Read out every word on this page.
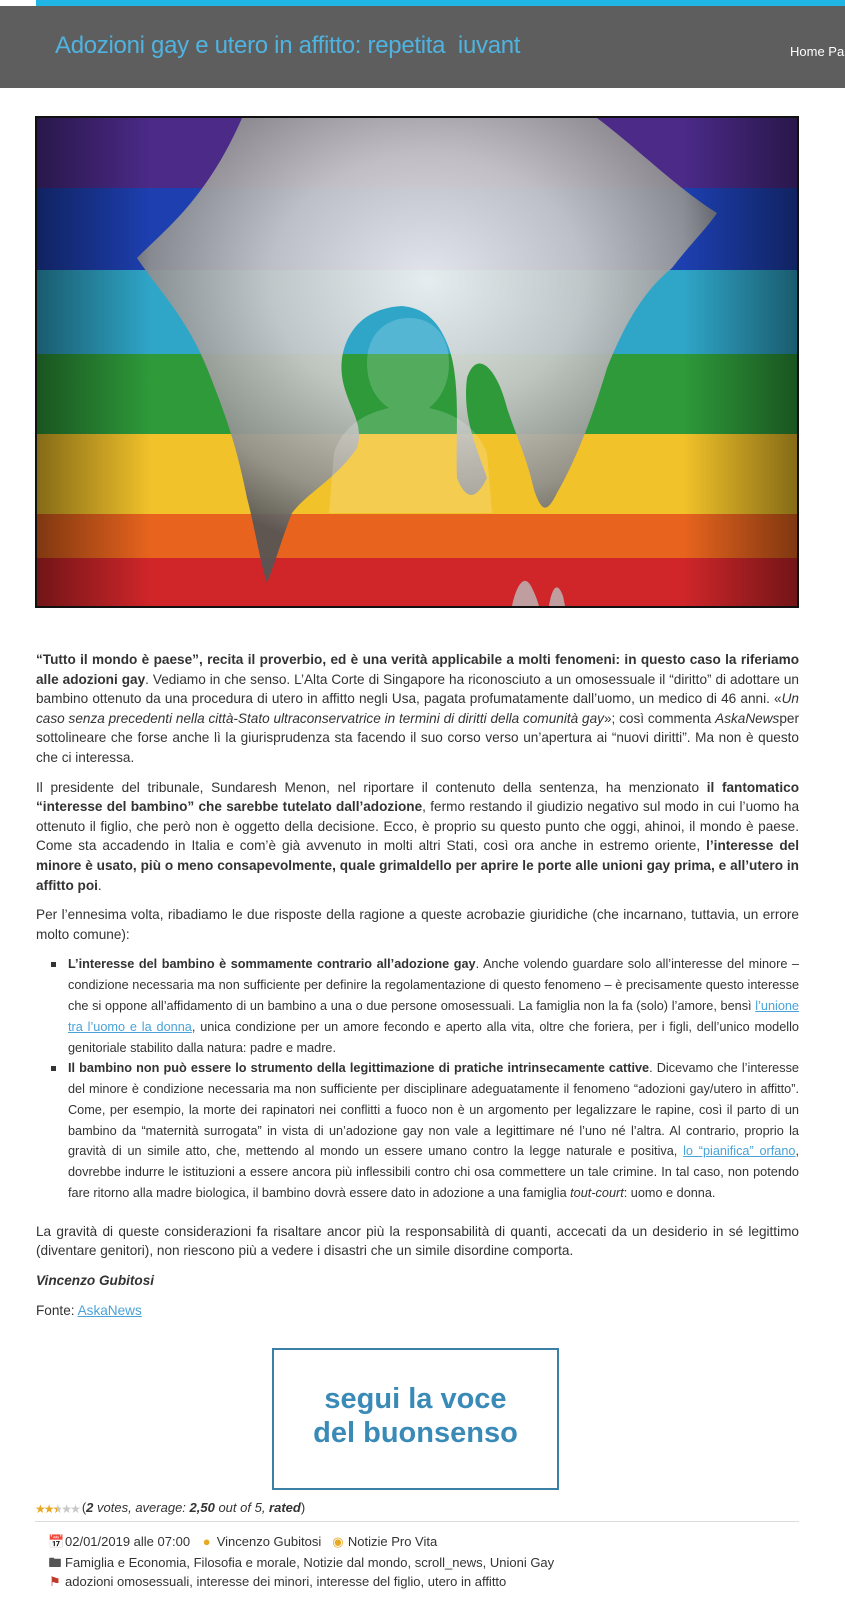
Adozioni gay e utero in affitto: repetita  iuvant	Home Pa

“Tutto il mondo è paese”, recita il proverbio, ed è una verità applicabile a molti fenomeni: in questo caso la riferiamo alle adozioni gay. Vediamo in che senso. L’Alta Corte di Singapore ha riconosciuto a un omosessuale il “diritto” di adottare un bambino ottenuto da una procedura di utero in affitto negli Usa, pagata profumatamente dall’uomo, un medico di 46 anni. «Un caso senza precedenti nella città-Stato ultraconservatrice in termini di diritti della comunità gay»; così commenta AskaNewsper sottolineare che forse anche lì la giurisprudenza sta facendo il suo corso verso un’apertura ai “nuovi diritti”. Ma non è questo che ci interessa.

Il presidente del tribunale, Sundaresh Menon, nel riportare il contenuto della sentenza, ha menzionato il fantomatico “interesse del bambino” che sarebbe tutelato dall’adozione, fermo restando il giudizio negativo sul modo in cui l’uomo ha ottenuto il figlio, che però non è oggetto della decisione. Ecco, è proprio su questo punto che oggi, ahinoi, il mondo è paese. Come sta accadendo in Italia e com’è già avvenuto in molti altri Stati, così ora anche in estremo oriente, l’interesse del minore è usato, più o meno consapevolmente, quale grimaldello per aprire le porte alle unioni gay prima, e all’utero in affitto poi.

Per l’ennesima volta, ribadiamo le due risposte della ragione a queste acrobazie giuridiche (che incarnano, tuttavia, un errore molto comune):

L’interesse del bambino è sommamente contrario all’adozione gay. Anche volendo guardare solo all’interesse del minore – condizione necessaria ma non sufficiente per definire la regolamentazione di questo fenomeno – è precisamente questo interesse che si oppone all’affidamento di un bambino a una o due persone omosessuali. La famiglia non la fa (solo) l’amore, bensì l’unione tra l’uomo e la donna, unica condizione per un amore fecondo e aperto alla vita, oltre che foriera, per i figli, dell’unico modello genitoriale stabilito dalla natura: padre e madre.
Il bambino non può essere lo strumento della legittimazione di pratiche intrinsecamente cattive. Dicevamo che l’interesse del minore è condizione necessaria ma non sufficiente per disciplinare adeguatamente il fenomeno “adozioni gay/utero in affitto”. Come, per esempio, la morte dei rapinatori nei conflitti a fuoco non è un argomento per legalizzare le rapine, così il parto di un bambino da “maternità surrogata” in vista di un’adozione gay non vale a legittimare né l’uno né l’altra. Al contrario, proprio la gravità di un simile atto, che, mettendo al mondo un essere umano contro la legge naturale e positiva, lo “pianifica” orfano, dovrebbe indurre le istituzioni a essere ancora più inflessibili contro chi osa commettere un tale crimine. In tal caso, non potendo fare ritorno alla madre biologica, il bambino dovrà essere dato in adozione a una famiglia tout-court: uomo e donna.

La gravità di queste considerazioni fa risaltare ancor più la responsabilità di quanti, accecati da un desiderio in sé legittimo (diventare genitori), non riescono più a vedere i disastri che un simile disordine comporta.

Vincenzo Gubitosi

Fonte: AskaNews

segui la voce
del buonsenso
★★★★★ (2 votes, average: 2,50 out of 5, rated)
📅02/01/2019 alle 07:00 ● Vincenzo Gubitosi ◉ Notizie Pro Vita
🖿 Famiglia e Economia, Filosofia e morale, Notizie dal mondo, scroll_news, Unioni Gay
⚑ adozioni omosessuali, interesse dei minori, interesse del figlio, utero in affitto
